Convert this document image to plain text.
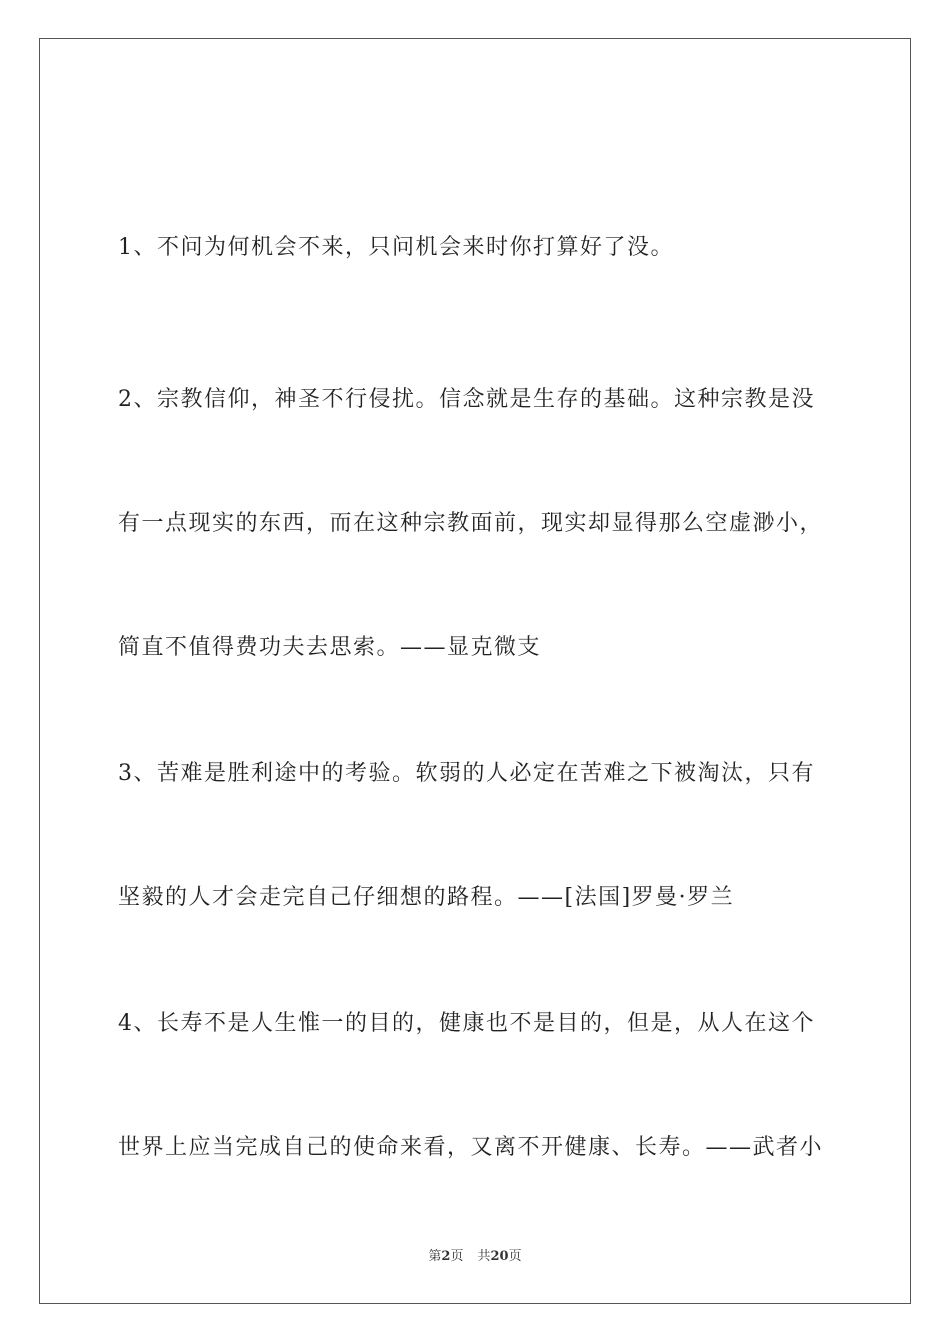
1、不问为何机会不来，只问机会来时你打算好了没。
2、宗教信仰，神圣不行侵扰。信念就是生存的基础。这种宗教是没
有一点现实的东西，而在这种宗教面前，现实却显得那么空虚渺小，
简直不值得费功夫去思索。——显克微支
3、苦难是胜利途中的考验。软弱的人必定在苦难之下被淘汰，只有
坚毅的人才会走完自己仔细想的路程。——[法国]罗曼·罗兰
4、长寿不是人生惟一的目的，健康也不是目的，但是，从人在这个
世界上应当完成自己的使命来看，又离不开健康、长寿。——武者小
第2页 共20页
